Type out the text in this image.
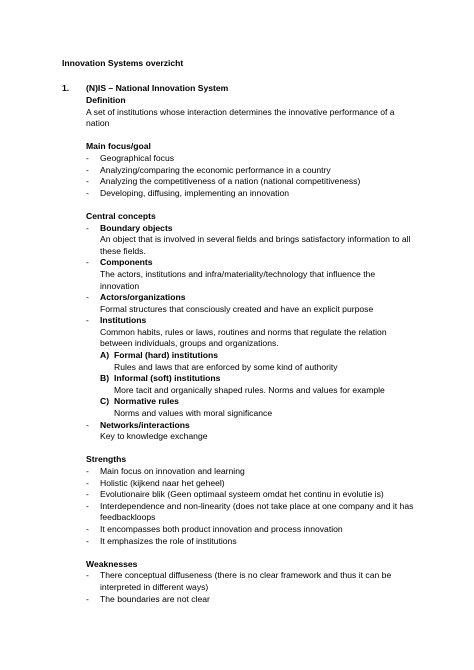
Innovation Systems overzicht
1. (N)IS – National Innovation System
Definition
A set of institutions whose interaction determines the innovative performance of a nation
Main focus/goal
- Geographical focus
- Analyzing/comparing the economic performance in a country
- Analyzing the competitiveness of a nation (national competitiveness)
- Developing, diffusing, implementing an innovation
Central concepts
- Boundary objects
An object that is involved in several fields and brings satisfactory information to all these fields.
- Components
The actors, institutions and infra/materiality/technology that influence the innovation
- Actors/organizations
Formal structures that consciously created and have an explicit purpose
- Institutions
Common habits, rules or laws, routines and norms that regulate the relation between individuals, groups and organizations.
A) Formal (hard) institutions
Rules and laws that are enforced by some kind of authority
B) Informal (soft) institutions
More tacit and organically shaped rules. Norms and values for example
C) Normative rules
Norms and values with moral significance
- Networks/interactions
Key to knowledge exchange
Strengths
- Main focus on innovation and learning
- Holistic (kijkend naar het geheel)
- Evolutionaire blik (Geen optimaal systeem omdat het continu in evolutie is)
- Interdependence and non-linearity (does not take place at one company and it has feedbackloops
- It encompasses both product innovation and process innovation
- It emphasizes the role of institutions
Weaknesses
- There conceptual diffuseness (there is no clear framework and thus it can be interpreted in different ways)
- The boundaries are not clear
